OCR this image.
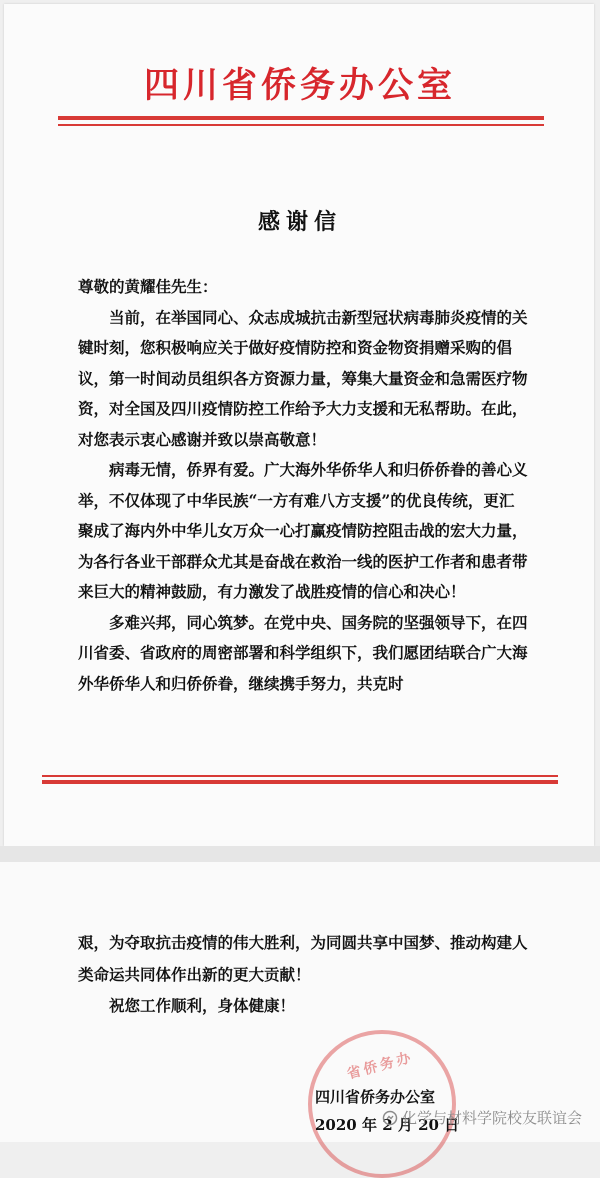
四川省侨务办公室
感谢信

尊敬的黄耀佳先生：

当前，在举国同心、众志成城抗击新型冠状病毒肺炎疫情的关键时刻，您积极响应关于做好疫情防控和资金物资捐赠采购的倡议，第一时间动员组织各方资源力量，筹集大量资金和急需医疗物资，对全国及四川疫情防控工作给予大力支援和无私帮助。在此，对您表示衷心感谢并致以崇高敬意！

病毒无情，侨界有爱。广大海外华侨华人和归侨侨眷的善心义举，不仅体现了中华民族“一方有难八方支援”的优良传统，更汇聚成了海内外中华儿女万众一心打赢疫情防控阻击战的宏大力量，为各行各业干部群众尤其是奋战在救治一线的医护工作者和患者带来巨大的精神鼓励，有力激发了战胜疫情的信心和决心！

多难兴邦，同心筑梦。在党中央、国务院的坚强领导下，在四川省委、省政府的周密部署和科学组织下，我们愿团结联合广大海外华侨华人和归侨侨眷，继续携手努力，共克时

艰，为夺取抗击疫情的伟大胜利，为同圆共享中国梦、推动构建人类命运共同体作出新的更大贡献！

祝您工作顺利，身体健康！

省侨务办
四川省侨务办公室
2020 年 2 月 20 日
化学与材料学院校友联谊会
